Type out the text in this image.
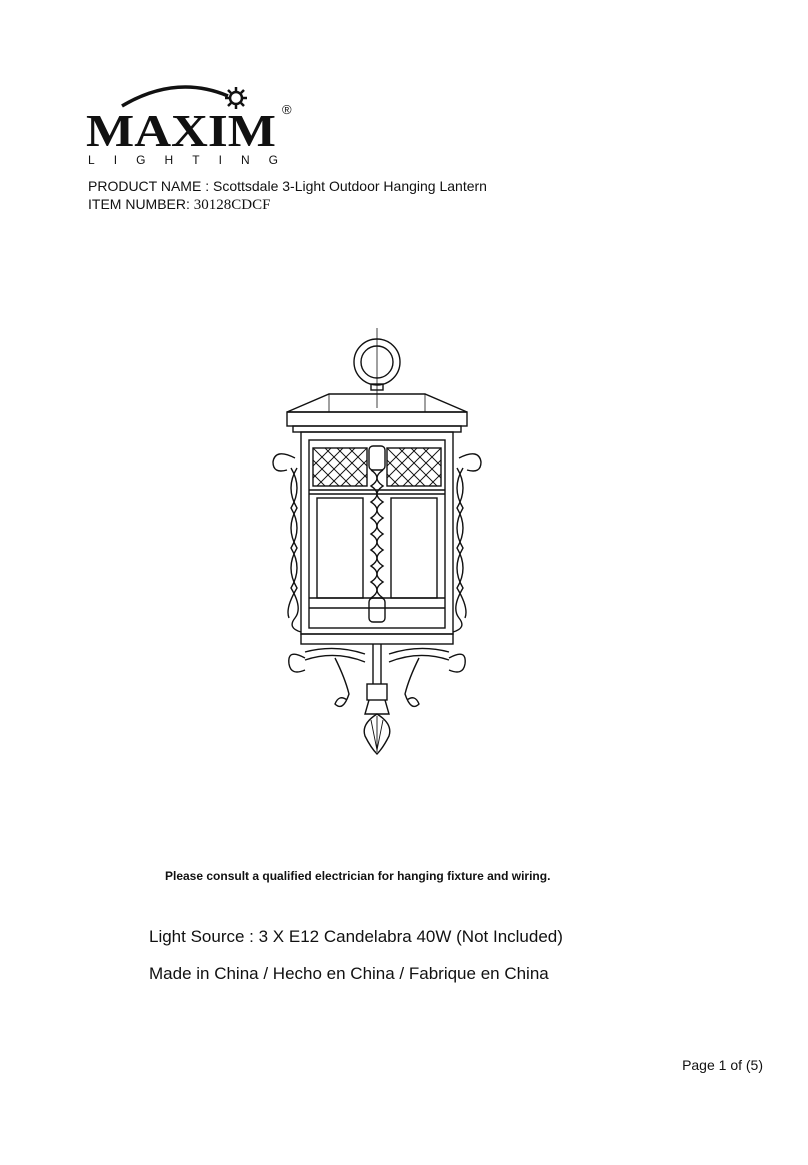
MAXIM ®
LIGHTING
PRODUCT NAME : Scottsdale 3-Light Outdoor Hanging Lantern
ITEM NUMBER: 30128CDCF
Please consult a qualified electrician for hanging fixture and wiring.
Light Source : 3 X E12 Candelabra 40W (Not Included)
Made in China / Hecho en China / Fabrique en China
Page 1 of (5)
